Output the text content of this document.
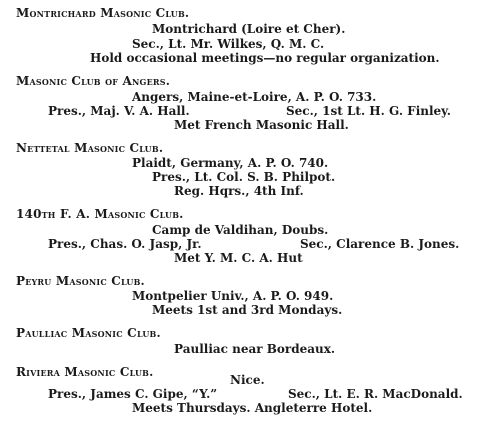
Montrichard Masonic Club.
Montrichard (Loire et Cher).
Sec., Lt. Mr. Wilkes, Q. M. C.
Hold occasional meetings—no regular organization.
Masonic Club of Angers.
Angers, Maine-et-Loire, A. P. O. 733.
Pres., Maj. V. A. Hall.	Sec., 1st Lt. H. G. Finley.
Met French Masonic Hall.
Nettetal Masonic Club.
Plaidt, Germany, A. P. O. 740.
Pres., Lt. Col. S. B. Philpot.
Reg. Hqrs., 4th Inf.
140th F. A. Masonic Club.
Camp de Valdihan, Doubs.
Pres., Chas. O. Jasp, Jr.	Sec., Clarence B. Jones.
Met Y. M. C. A. Hut
Peyru Masonic Club.
Montpelier Univ., A. P. O. 949.
Meets 1st and 3rd Mondays.
Paulliac Masonic Club.
Paulliac near Bordeaux.
Riviera Masonic Club.
Nice.
Pres., James C. Gipe, “Y.”	Sec., Lt. E. R. MacDonald.
Meets Thursdays. Angleterre Hotel.
